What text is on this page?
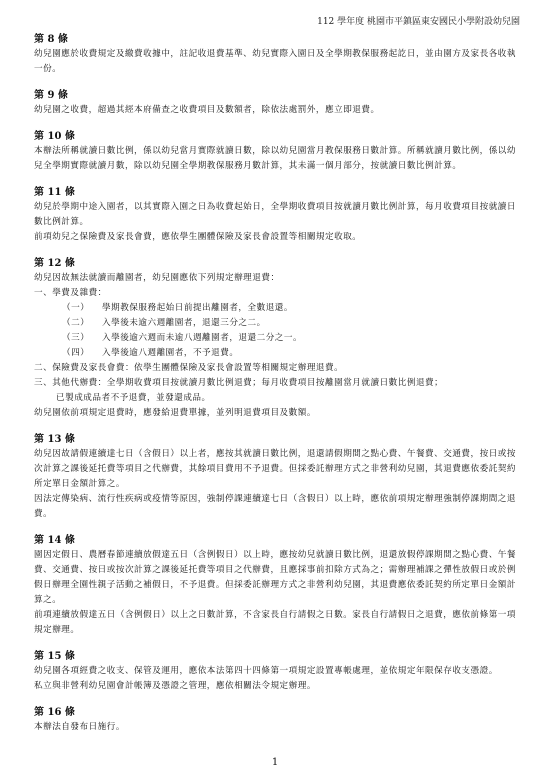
112 學年度 桃園市平鎮區東安國民小學附設幼兒園
第 8 條

幼兒園應於收費規定及繳費收據中，註記收退費基準、幼兒實際入園日及全學期教保服務起訖日，並由園方及家長各收執一份。

第 9 條

幼兒園之收費，超過其經本府備查之收費項目及數額者，除依法處罰外，應立即退費。

第 10 條

本辦法所稱就讀日數比例，係以幼兒當月實際就讀日數，除以幼兒園當月教保服務日數計算。所稱就讀月數比例，係以幼兒全學期實際就讀月數，除以幼兒園全學期教保服務月數計算，其未滿一個月部分，按就讀日數比例計算。

第 11 條

幼兒於學期中途入園者，以其實際入園之日為收費起始日，全學期收費項目按就讀月數比例計算，每月收費項目按就讀日數比例計算。

前項幼兒之保險費及家長會費，應依學生團體保險及家長會設置等相關規定收取。

第 12 條

幼兒因故無法就讀而離園者，幼兒園應依下列規定辦理退費：

一、學費及雜費：

（一）	學期教保服務起始日前提出離園者，全數退還。
（二）	入學後未逾六週離園者，退還三分之二。
（三）	入學後逾六週而未逾八週離園者，退還二分之一。
（四）	入學後逾八週離園者，不予退費。

二、保險費及家長會費：依學生團體保險及家長會設置等相關規定辦理退費。

三、其他代辦費：全學期收費項目按就讀月數比例退費；每月收費項目按離園當月就讀日數比例退費；

已製成成品者不予退費，並發還成品。

幼兒園依前項規定退費時，應發給退費單據，並列明退費項目及數額。

第 13 條

幼兒因故請假連續達七日（含假日）以上者，應按其就讀日數比例，退還請假期間之點心費、午餐費、交通費，按日或按次計算之課後延托費等項目之代辦費，其餘項目費用不予退費。但採委託辦理方式之非營利幼兒園，其退費應依委託契約所定單日金額計算之。

因法定傳染病、流行性疾病或疫情等原因，強制停課連續達七日（含假日）以上時，應依前項規定辦理強制停課期間之退費。

第 14 條

園因定假日、農曆春節連續放假達五日（含例假日）以上時，應按幼兒就讀日數比例，退還放假停課期間之點心費、午餐費、交通費、按日或按次計算之課後延托費等項目之代辦費，且應採事前扣除方式為之；需辦理補課之彈性放假日或於例假日辦理全園性親子活動之補假日，不予退費。但採委託辦理方式之非營利幼兒園，其退費應依委託契約所定單日金額計算之。

前項連續放假達五日（含例假日）以上之日數計算，不含家長自行請假之日數。家長自行請假日之退費，應依前條第一項規定辦理。

第 15 條

幼兒園各項經費之收支、保管及運用，應依本法第四十四條第一項規定設置專帳處理，並依規定年限保存收支憑證。

私立與非營利幼兒園會計帳簿及憑證之管理，應依相關法令規定辦理。

第 16 條

本辦法自發布日施行。

1
